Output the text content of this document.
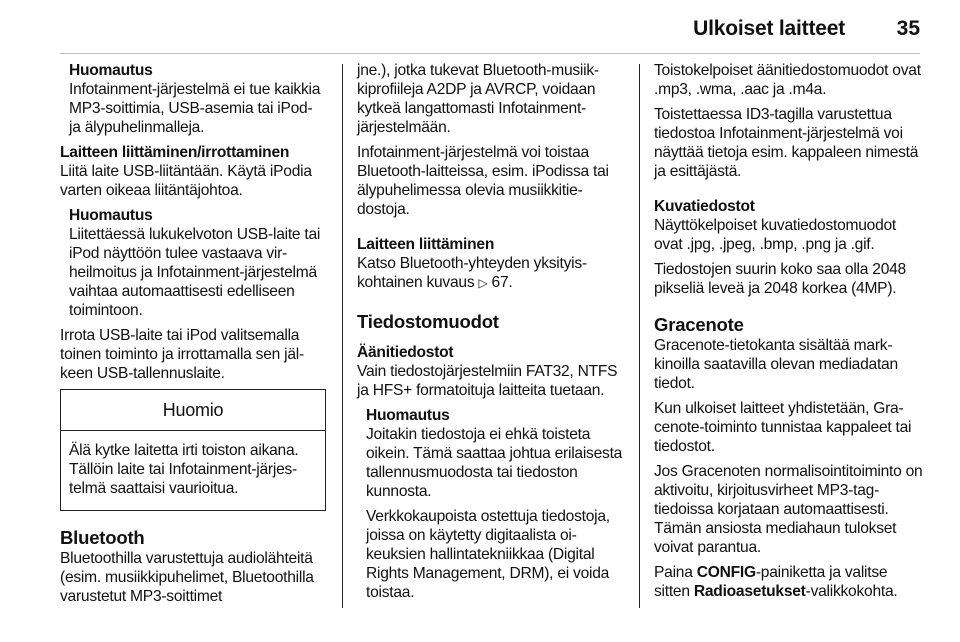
Ulkoiset laitteet 35
Huomautus

Infotainment-järjestelmä ei tue kaikkia MP3-soittimia, USB-asemia tai iPod- ja älypuhelinmalleja.

Laitteen liittäminen/irrottaminen

Liitä laite USB-liitäntään. Käytä iPodia varten oikeaa liitäntäjohtoa.

Huomautus

Liitettäessä lukukelvoton USB-laite tai iPod näyttöön tulee vastaava virheilmoitus ja Infotainment-järjestelmä vaihtaa automaattisesti edelliseen toimintoon.

Irrota USB-laite tai iPod valitsemalla toinen toiminto ja irrottamalla sen jälkeen USB-tallennuslaite.

Huomio
Älä kytke laitetta irti toiston aikana. Tällöin laite tai Infotainment-järjestelmä saattaisi vaurioitua.
Bluetooth

Bluetoothilla varustettuja audiolähteitä (esim. musiikkipuhelimet, Bluetoothilla varustetut MP3-soittimet

jne.), jotka tukevat Bluetooth-musiikkiprofiileja A2DP ja AVRCP, voidaan kytkeä langattomasti Infotainment-järjestelmään.

Infotainment-järjestelmä voi toistaa Bluetooth-laitteissa, esim. iPodissa tai älypuhelimessa olevia musiikkitiedostoja.

Laitteen liittäminen

Katso Bluetooth-yhteyden yksityiskohtainen kuvaus ▷ 67.

Tiedostomuodot
Äänitiedostot

Vain tiedostojärjestelmiin FAT32, NTFS ja HFS+ formatoituja laitteita tuetaan.

Huomautus

Joitakin tiedostoja ei ehkä toisteta oikein. Tämä saattaa johtua erilaisesta tallennusmuodosta tai tiedoston kunnosta.

Verkkokaupoista ostettuja tiedostoja, joissa on käytetty digitaalista oikeuksien hallintatekniikkaa (Digital Rights Management, DRM), ei voida toistaa.

Toistokelpoiset äänitiedostomuodot ovat .mp3, .wma, .aac ja .m4a.

Toistettaessa ID3-tagilla varustettua tiedostoa Infotainment-järjestelmä voi näyttää tietoja esim. kappaleen nimestä ja esittäjästä.

Kuvatiedostot

Näyttökelpoiset kuvatiedostomuodot ovat .jpg, .jpeg, .bmp, .png ja .gif.

Tiedostojen suurin koko saa olla 2048 pikseliä leveä ja 2048 korkea (4MP).

Gracenote

Gracenote-tietokanta sisältää markkinoilla saatavilla olevan mediadatan tiedot.

Kun ulkoiset laitteet yhdistetään, Gracenote-toiminto tunnistaa kappaleet tai tiedostot.

Jos Gracenoten normalisointitoiminto on aktivoitu, kirjoitusvirheet MP3-tagtiedoissa korjataan automaattisesti. Tämän ansiosta mediahaun tulokset voivat parantua.

Paina CONFIG-painiketta ja valitse sitten Radioasetukset-valikkokohta.
